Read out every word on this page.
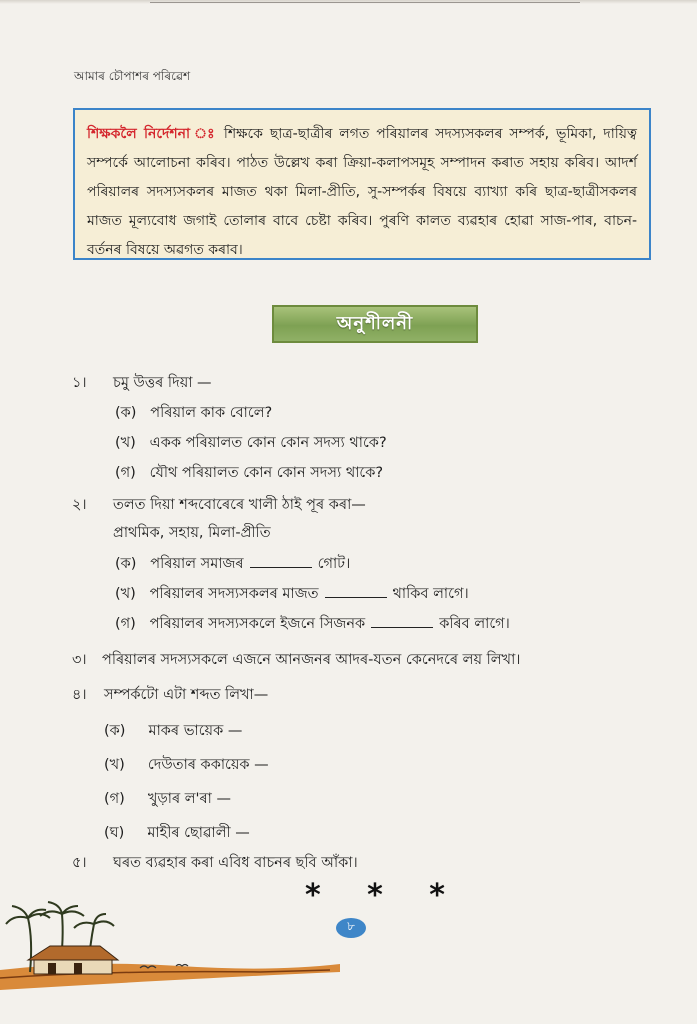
আমাৰ চৌপাশৰ পৰিৱেশ

শিক্ষকলৈ নিৰ্দেশনা ঃ শিক্ষকে ছাত্ৰ-ছাত্ৰীৰ লগত পৰিয়ালৰ সদস্যসকলৰ সম্পৰ্ক, ভূমিকা, দায়িত্ব সম্পৰ্কে আলোচনা কৰিব। পাঠত উল্লেখ কৰা ক্ৰিয়া-কলাপসমূহ সম্পাদন কৰাত সহায় কৰিব। আদৰ্শ পৰিয়ালৰ সদস্যসকলৰ মাজত থকা মিলা-প্ৰীতি, সু-সম্পৰ্কৰ বিষয়ে ব্যাখ্যা কৰি ছাত্ৰ-ছাত্ৰীসকলৰ মাজত মূল্যবোধ জগাই তোলাৰ বাবে চেষ্টা কৰিব। পুৰণি কালত ব্যৱহাৰ হোৱা সাজ-পাৰ, বাচন-বৰ্তনৰ বিষয়ে অৱগত কৰাব।

অনুশীলনী
১। চমু উত্তৰ দিয়া —
(ক) পৰিয়াল কাক বোলে?
(খ) একক পৰিয়ালত কোন কোন সদস্য থাকে?
(গ) যৌথ পৰিয়ালত কোন কোন সদস্য থাকে?
২। তলত দিয়া শব্দবোৰেৰে খালী ঠাই পূৰ কৰা—
প্ৰাথমিক, সহায়, মিলা-প্ৰীতি
(ক) পৰিয়াল সমাজৰ	গোট।
(খ) পৰিয়ালৰ সদস্যসকলৰ মাজত	থাকিব লাগে।
(গ) পৰিয়ালৰ সদস্যসকলে ইজনে সিজনক	কৰিব লাগে।
৩। পৰিয়ালৰ সদস্যসকলে এজনে আনজনৰ আদৰ-যতন কেনেদৰে লয় লিখা।
৪। সম্পৰ্কটো এটা শব্দত লিখা—
(ক) মাকৰ ভায়েক —
(খ) দেউতাৰ ককায়েক —
(গ) খুড়াৰ ল'ৰা —
(ঘ) মাহীৰ ছোৱালী —
৫। ঘৰত ব্যৱহাৰ কৰা এবিধ বাচনৰ ছবি আঁকা।
* * *
৮
